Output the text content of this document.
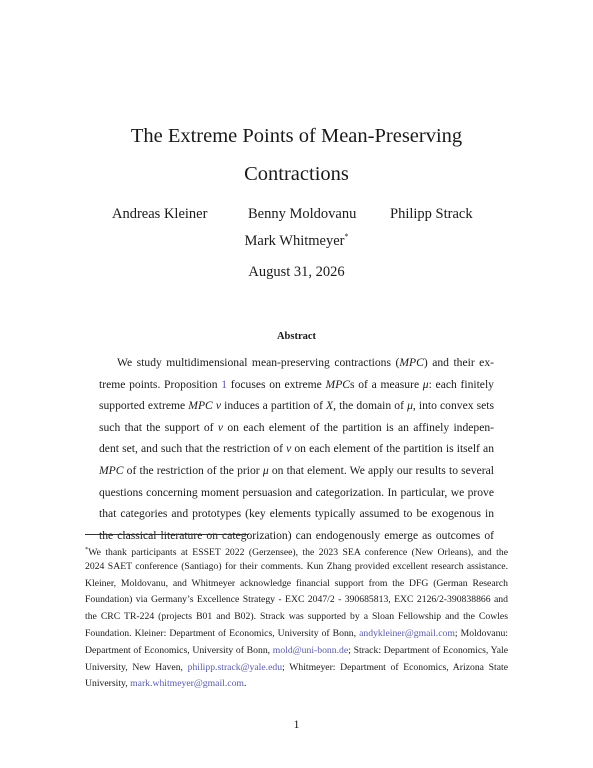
The Extreme Points of Mean-Preserving
Contractions
Andreas Kleiner	Benny Moldovanu Philipp Strack
Mark Whitmeyer*
August 31, 2026
Abstract
We study multidimensional mean-preserving contractions (MPC) and their ex-
treme points. Proposition 1 focuses on extreme MPCs of a measure μ: each finitely
supported extreme MPC ν induces a partition of X, the domain of μ, into convex sets
such that the support of ν on each element of the partition is an affinely indepen-
dent set, and such that the restriction of ν on each element of the partition is itself an
MPC of the restriction of the prior μ on that element. We apply our results to several
questions concerning moment persuasion and categorization. In particular, we prove
that categories and prototypes (key elements typically assumed to be exogenous in
the classical literature on categorization) can endogenously emerge as outcomes of
*We thank participants at ESSET 2022 (Gerzensee), the 2023 SEA conference (New Orleans), and the
2024 SAET conference (Santiago) for their comments. Kun Zhang provided excellent research assistance.
Kleiner, Moldovanu, and Whitmeyer acknowledge financial support from the DFG (German Research
Foundation) via Germany’s Excellence Strategy - EXC 2047/2 - 390685813, EXC 2126/2-390838866 and
the CRC TR-224 (projects B01 and B02). Strack was supported by a Sloan Fellowship and the Cowles
Foundation. Kleiner: Department of Economics, University of Bonn, andykleiner@gmail.com; Moldovanu:
Department of Economics, University of Bonn, mold@uni-bonn.de; Strack: Department of Economics, Yale
University, New Haven, philipp.strack@yale.edu; Whitmeyer: Department of Economics, Arizona State
University, mark.whitmeyer@gmail.com.
1
